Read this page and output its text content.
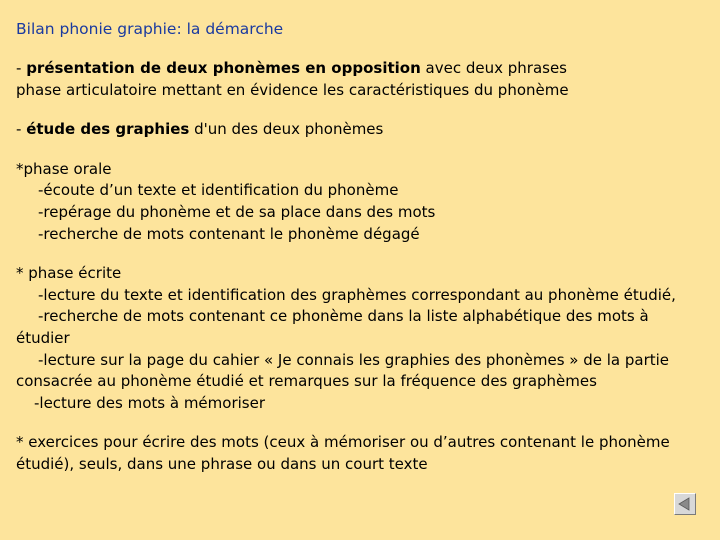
Bilan phonie graphie: la démarche
- présentation de deux phonèmes en opposition avec deux phrases
phase articulatoire mettant en évidence les caractéristiques du phonème
- étude des graphies d'un des deux phonèmes
*phase orale
-écoute d’un texte et identification du phonème
-repérage du phonème et de sa place dans des mots
-recherche de mots contenant le phonème dégagé
* phase écrite
-lecture du texte et identification des graphèmes correspondant au phonème étudié,
-recherche de mots contenant ce phonème dans la liste alphabétique des mots à
étudier
-lecture sur la page du cahier « Je connais les graphies des phonèmes » de la partie
consacrée au phonème étudié et remarques sur la fréquence des graphèmes
-lecture des mots à mémoriser
* exercices pour écrire des mots (ceux à mémoriser ou d’autres contenant le phonème
étudié), seuls, dans une phrase ou dans un court texte
